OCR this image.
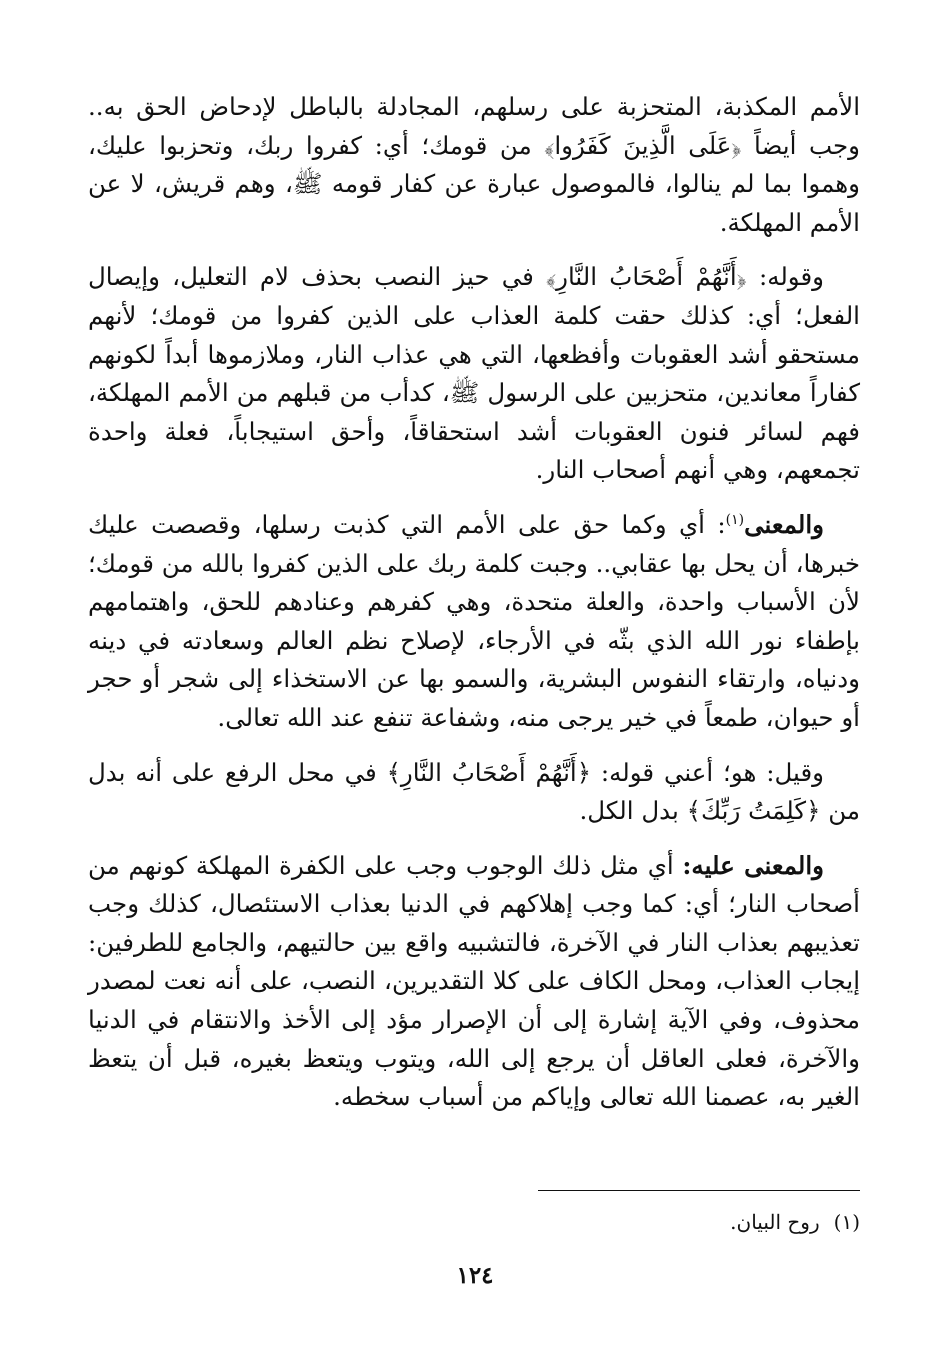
الأمم المكذبة، المتحزبة على رسلهم، المجادلة بالباطل لإدحاض الحق به.. وجب أيضاً ﴿عَلَى الَّذِينَ كَفَرُوا﴾ من قومك؛ أي: كفروا ربك، وتحزبوا عليك، وهموا بما لم ينالوا، فالموصول عبارة عن كفار قومه ﷺ، وهم قريش، لا عن الأمم المهلكة.

وقوله: ﴿أَنَّهُمْ أَصْحَابُ النَّارِ﴾ في حيز النصب بحذف لام التعليل، وإيصال الفعل؛ أي: كذلك حقت كلمة العذاب على الذين كفروا من قومك؛ لأنهم مستحقو أشد العقوبات وأفظعها، التي هي عذاب النار، وملازموها أبداً لكونهم كفاراً معاندين، متحزبين على الرسول ﷺ، كدأب من قبلهم من الأمم المهلكة، فهم لسائر فنون العقوبات أشد استحقاقاً، وأحق استيجاباً، فعلة واحدة تجمعهم، وهي أنهم أصحاب النار.

والمعنى$^{(١)}$: أي وكما حق على الأمم التي كذبت رسلها، وقصصت عليك خبرها، أن يحل بها عقابي.. وجبت كلمة ربك على الذين كفروا بالله من قومك؛ لأن الأسباب واحدة، والعلة متحدة، وهي كفرهم وعنادهم للحق، واهتمامهم بإطفاء نور الله الذي بثّه في الأرجاء، لإصلاح نظم العالم وسعادته في دينه ودنياه، وارتقاء النفوس البشرية، والسمو بها عن الاستخذاء إلى شجر أو حجر أو حيوان، طمعاً في خير يرجى منه، وشفاعة تنفع عند الله تعالى.

وقيل: هو؛ أعني قوله: ﴿أَنَّهُمْ أَصْحَابُ النَّارِ﴾ في محل الرفع على أنه بدل من ﴿كَلِمَتُ رَبِّكَ﴾ بدل الكل.

والمعنى عليه: أي مثل ذلك الوجوب وجب على الكفرة المهلكة كونهم من أصحاب النار؛ أي: كما وجب إهلاكهم في الدنيا بعذاب الاستئصال، كذلك وجب تعذيبهم بعذاب النار في الآخرة، فالتشبيه واقع بين حالتيهم، والجامع للطرفين: إيجاب العذاب، ومحل الكاف على كلا التقديرين، النصب، على أنه نعت لمصدر محذوف، وفي الآية إشارة إلى أن الإصرار مؤد إلى الأخذ والانتقام في الدنيا والآخرة، فعلى العاقل أن يرجع إلى الله، ويتوب ويتعظ بغيره، قبل أن يتعظ الغير به، عصمنا الله تعالى وإياكم من أسباب سخطه.

(١)روح البيان.
١٢٤
